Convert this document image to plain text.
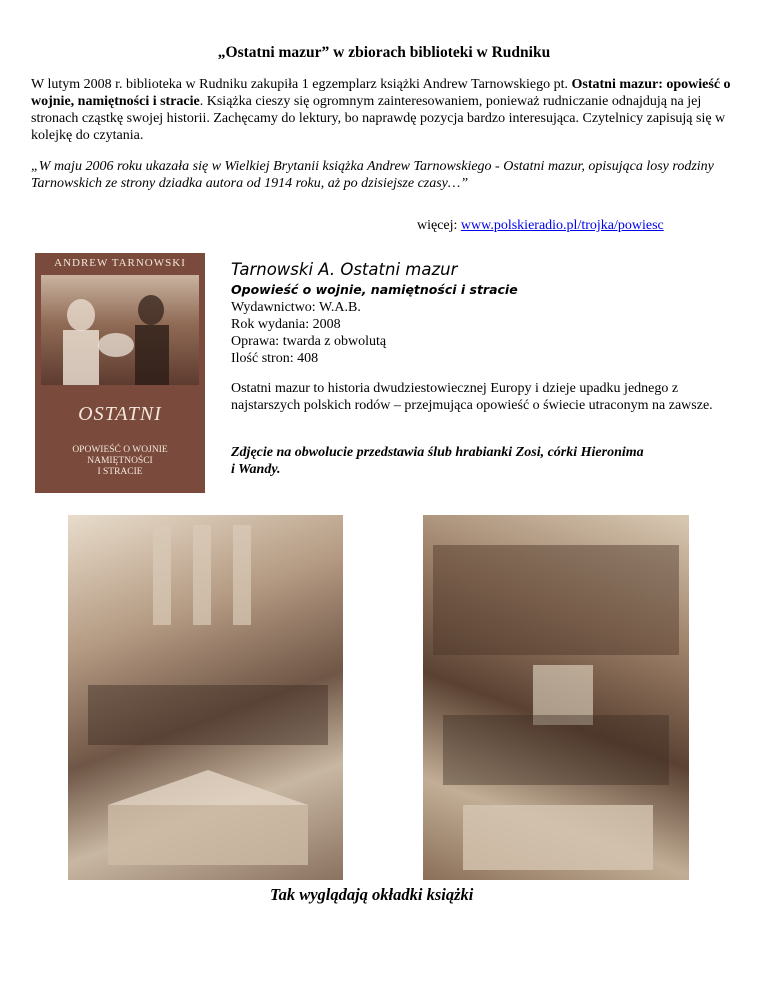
„Ostatni mazur” w zbiorach biblioteki w Rudniku
W lutym 2008 r. biblioteka w Rudniku zakupiła 1 egzemplarz książki Andrew Tarnowskiego pt. Ostatni mazur: opowieść o wojnie, namiętności i stracie. Książka cieszy się ogromnym zainteresowaniem, ponieważ rudniczanie odnajdują na jej stronach cząstkę swojej historii. Zachęcamy do lektury, bo naprawdę pozycja bardzo interesująca. Czytelnicy zapisują się w kolejkę do czytania.
„W maju 2006 roku ukazała się w Wielkiej Brytanii książka Andrew Tarnowskiego - Ostatni mazur, opisująca losy rodziny Tarnowskich ze strony dziadka autora od 1914 roku, aż po dzisiejsze czasy…”
więcej: www.polskieradio.pl/trojka/powiesc
ANDREW TARNOWSKI
OSTATNI
OPOWIEŚĆ O WOJNIE
NAMIĘTNOŚCI
I STRACIE
Tarnowski A. Ostatni mazur
Opowieść o wojnie, namiętności i stracie
Wydawnictwo: W.A.B.
Rok wydania: 2008
Oprawa: twarda z obwolutą
Ilość stron: 408
Ostatni mazur to historia dwudziestowiecznej Europy i dzieje upadku jednego z najstarszych polskich rodów – przejmująca opowieść o świecie utraconym na zawsze.
Zdjęcie na obwolucie przedstawia ślub hrabianki Zosi, córki Hieronima
i Wandy.
Tak wyglądają okładki książki
